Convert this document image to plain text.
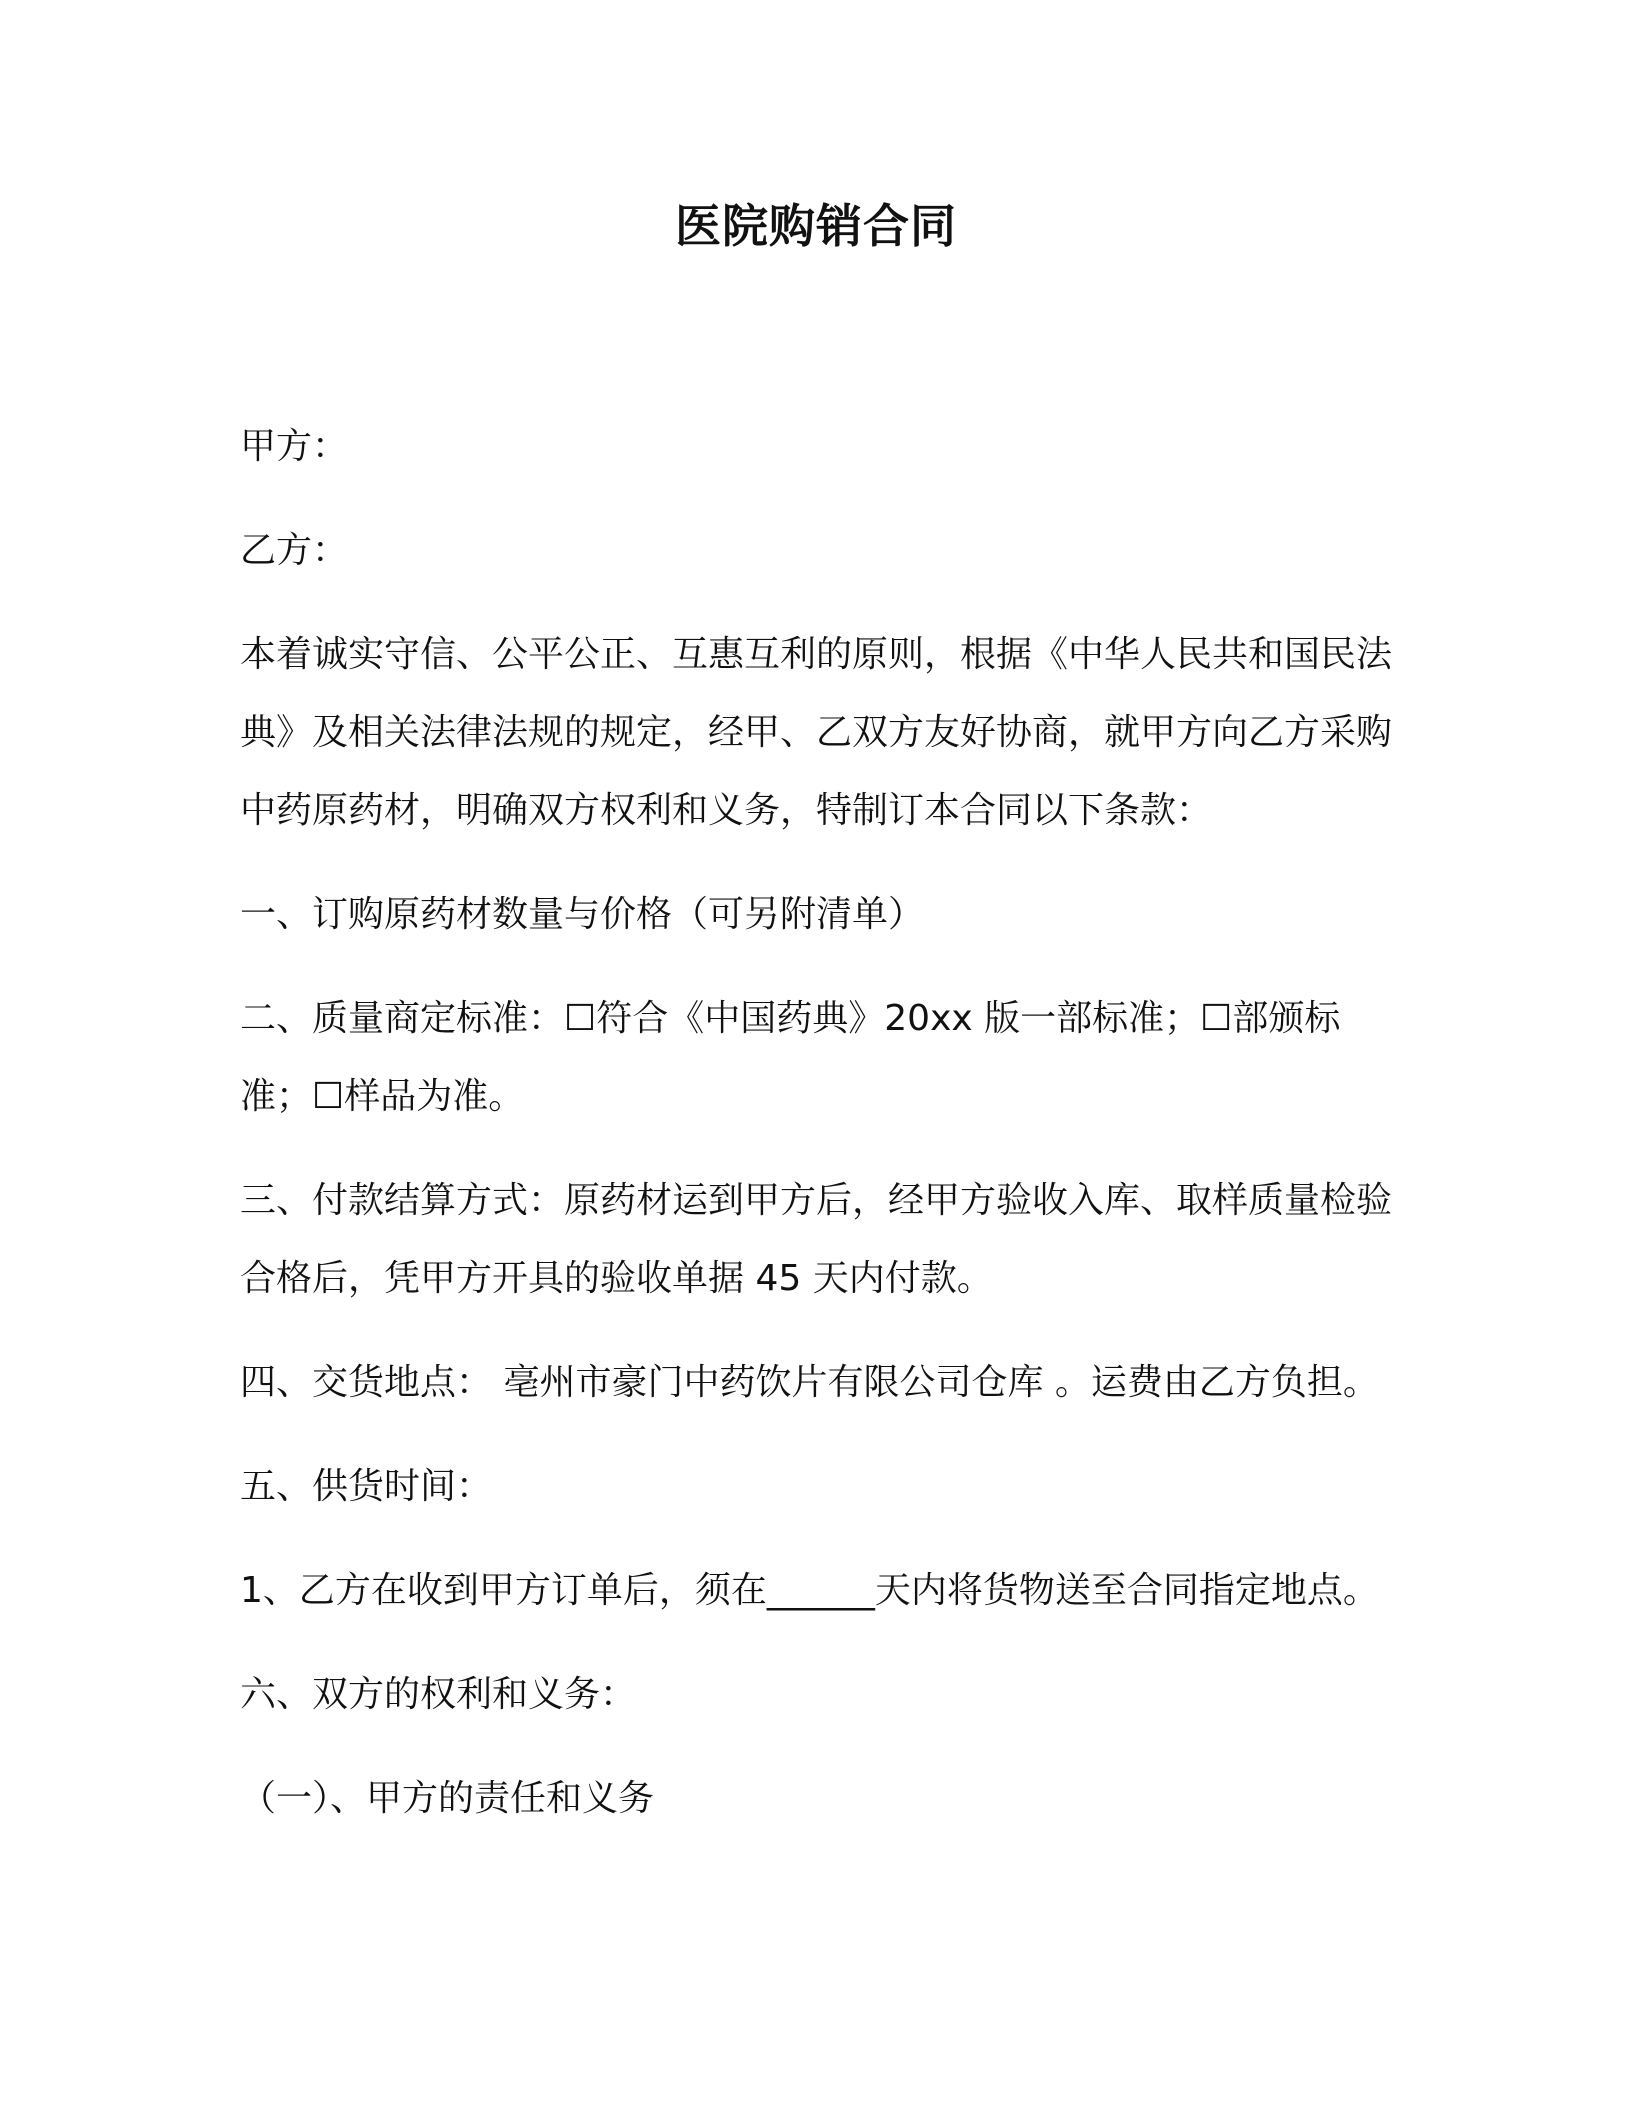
医院购销合同

甲方：

乙方：

本着诚实守信、公平公正、互惠互利的原则，根据《中华人民共和国民法典》及相关法律法规的规定，经甲、乙双方友好协商，就甲方向乙方采购中药原药材，明确双方权利和义务，特制订本合同以下条款：

一、订购原药材数量与价格（可另附清单）

二、质量商定标准：☐符合《中国药典》20xx 版一部标准；☐部颁标准；☐样品为准。

三、付款结算方式：原药材运到甲方后，经甲方验收入库、取样质量检验合格后，凭甲方开具的验收单据 45 天内付款。

四、交货地点： 亳州市豪门中药饮片有限公司仓库 。运费由乙方负担。

五、供货时间：

1、乙方在收到甲方订单后，须在______天内将货物送至合同指定地点。

六、双方的权利和义务：

（一）、甲方的责任和义务
